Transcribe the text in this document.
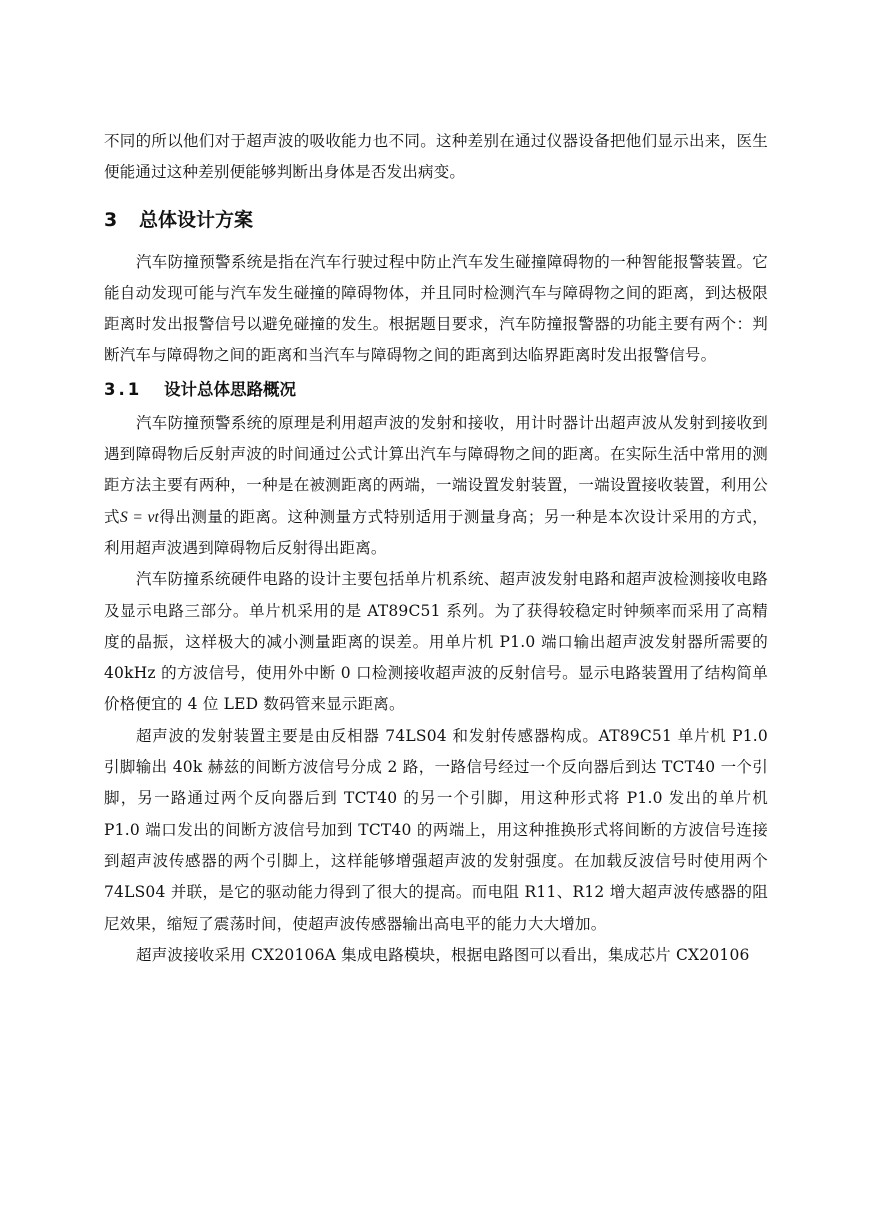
不同的所以他们对于超声波的吸收能力也不同。这种差别在通过仪器设备把他们显示出来，医生便能通过这种差别便能够判断出身体是否发出病变。

3	总体设计方案

汽车防撞预警系统是指在汽车行驶过程中防止汽车发生碰撞障碍物的一种智能报警装置。它能自动发现可能与汽车发生碰撞的障碍物体，并且同时检测汽车与障碍物之间的距离，到达极限距离时发出报警信号以避免碰撞的发生。根据题目要求，汽车防撞报警器的功能主要有两个：判断汽车与障碍物之间的距离和当汽车与障碍物之间的距离到达临界距离时发出报警信号。

3.1	设计总体思路概况

汽车防撞预警系统的原理是利用超声波的发射和接收，用计时器计出超声波从发射到接收到遇到障碍物后反射声波的时间通过公式计算出汽车与障碍物之间的距离。在实际生活中常用的测距方法主要有两种，一种是在被测距离的两端，一端设置发射装置，一端设置接收装置，利用公式S = vt得出测量的距离。这种测量方式特别适用于测量身高；另一种是本次设计采用的方式，利用超声波遇到障碍物后反射得出距离。

汽车防撞系统硬件电路的设计主要包括单片机系统、超声波发射电路和超声波检测接收电路及显示电路三部分。单片机采用的是 AT89C51 系列。为了获得较稳定时钟频率而采用了高精度的晶振，这样极大的减小测量距离的误差。用单片机 P1.0 端口输出超声波发射器所需要的 40kHz 的方波信号，使用外中断 0 口检测接收超声波的反射信号。显示电路装置用了结构简单价格便宜的 4 位 LED 数码管来显示距离。

超声波的发射装置主要是由反相器 74LS04 和发射传感器构成。AT89C51 单片机 P1.0 引脚输出 40k 赫兹的间断方波信号分成 2 路，一路信号经过一个反向器后到达 TCT40 一个引脚，另一路通过两个反向器后到 TCT40 的另一个引脚，用这种形式将 P1.0 发出的单片机 P1.0 端口发出的间断方波信号加到 TCT40 的两端上，用这种推换形式将间断的方波信号连接到超声波传感器的两个引脚上，这样能够增强超声波的发射强度。在加载反波信号时使用两个 74LS04 并联，是它的驱动能力得到了很大的提高。而电阻 R11、R12 增大超声波传感器的阻尼效果，缩短了震荡时间，使超声波传感器输出高电平的能力大大增加。

超声波接收采用 CX20106A 集成电路模块，根据电路图可以看出，集成芯片 CX20106
